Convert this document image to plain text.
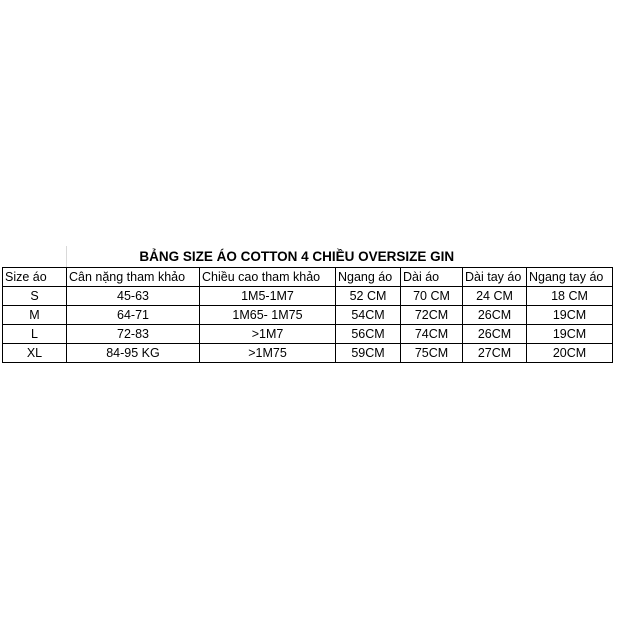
	BẢNG SIZE ÁO COTTON 4 CHIỀU OVERSIZE GIN					
Size áo	Cân nặng tham khảo	Chiều cao tham khảo	Ngang áo	Dài áo	Dài tay áo	Ngang tay áo
S	45-63	1M5-1M7	52 CM	70 CM	24 CM	18 CM
M	64-71	1M65- 1M75	54CM	72CM	26CM	19CM
L	72-83	>1M7	56CM	74CM	26CM	19CM
XL	84-95 KG	>1M75	59CM	75CM	27CM	20CM
